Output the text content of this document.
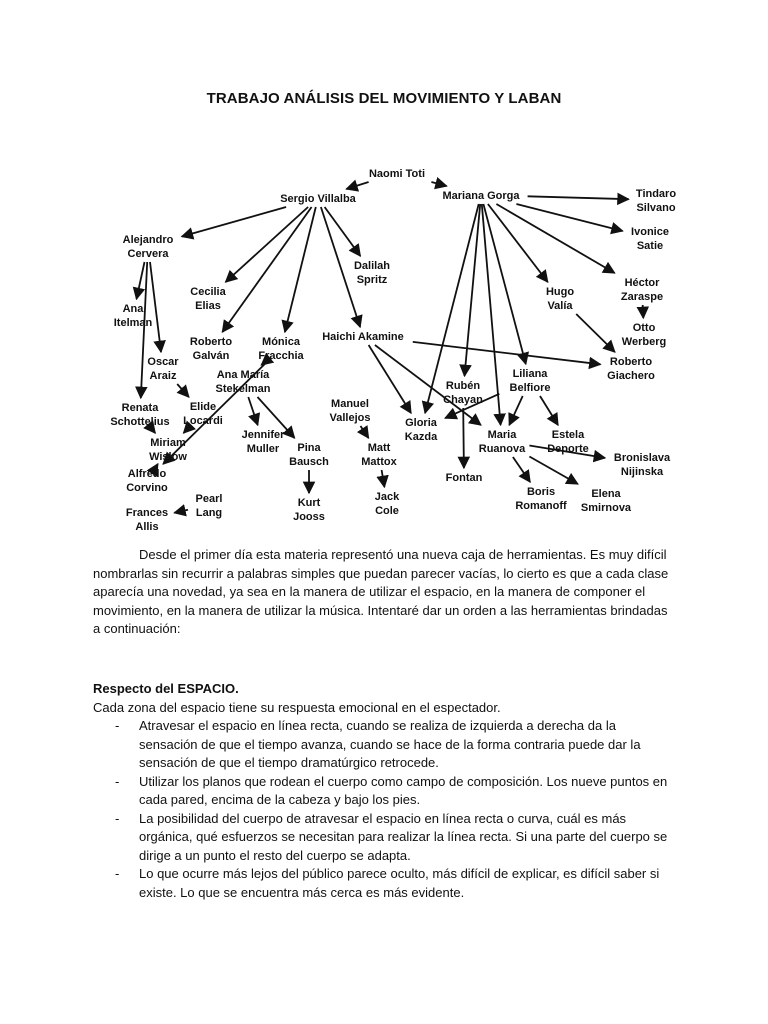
TRABAJO ANÁLISIS DEL MOVIMIENTO Y LABAN
Naomi Toti
Sergio Villalba	Mariana Gorga	Tindaro Silvano
Ivonice Satie
Héctor Zaraspe
Otto Werberg
Hugo Valía
Roberto Giachero
Alejandro Cervera
Cecilia Elias
Dalilah Spritz
Ana Itelman
Oscar Araiz
Roberto Galván
Mónica Fracchia
Haichi Akamine
Ana María Stekelman
Renata Schottelius
Elide Locardi
Miriam Wislow
Alfredo Corvino
Pearl Lang
Frances Allis
Jennifer Muller	Pina Bausch
Kurt Jooss
Manuel Vallejos
Matt Mattox
Jack Cole
Gloria Kazda
Rubén Chayan
Fontan
Liliana Belfiore
Maria Ruanova
Estela Deporte
Bronislava Nijinska
Boris Romanoff
Elena Smirnova
Desde el primer día esta materia representó una nueva caja de herramientas. Es muy difícil nombrarlas sin recurrir a palabras simples que puedan parecer vacías, lo cierto es que a cada clase aparecía una novedad, ya sea en la manera de utilizar el espacio, en la manera de componer el movimiento, en la manera de utilizar la música. Intentaré dar un orden a las herramientas brindadas a continuación:
Respecto del ESPACIO.
Cada zona del espacio tiene su respuesta emocional en el espectador.
- Atravesar el espacio en línea recta, cuando se realiza de izquierda a derecha da la sensación de que el tiempo avanza, cuando se hace de la forma contraria puede dar la sensación de que el tiempo dramatúrgico retrocede.
- Utilizar los planos que rodean el cuerpo como campo de composición. Los nueve puntos en cada pared, encima de la cabeza y bajo los pies.
- La posibilidad del cuerpo de atravesar el espacio en línea recta o curva, cuál es más orgánica, qué esfuerzos se necesitan para realizar la línea recta. Si una parte del cuerpo se dirige a un punto el resto del cuerpo se adapta.
- Lo que ocurre más lejos del público parece oculto, más difícil de explicar, es difícil saber si existe. Lo que se encuentra más cerca es más evidente.
